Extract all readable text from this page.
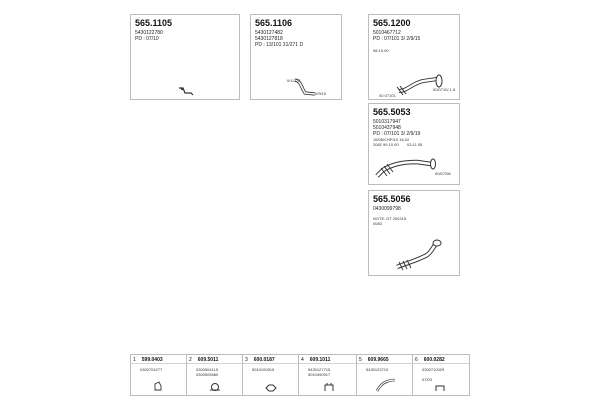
565.1105
5430122780
PD : 07/10
565.1106
5430127482
5430127818
PD : 13/101 31/271 D
0/1/272
0/9/15
565.1200
5010467712
PD : 07/101 3/ 2/9/15
98.10.00
00 07101
00/0710/ 1.8
565.5053
5010317947
5010437948
PD : 07/101 3/ 2/9/19
15/08/CHP/10 16.02
2082 99.10.00 03.11.05
00/07/08
565.5056
0430099798
NOTE: DT 200315
0083
1 599.0403
0300704277
2 609.5011
0300504115
0300505580
3 600.0187
5010100915
4 609.1011
5430127715
5010490917
5 609.9665
5430123710
6 600.0282
0300710029
07/03
